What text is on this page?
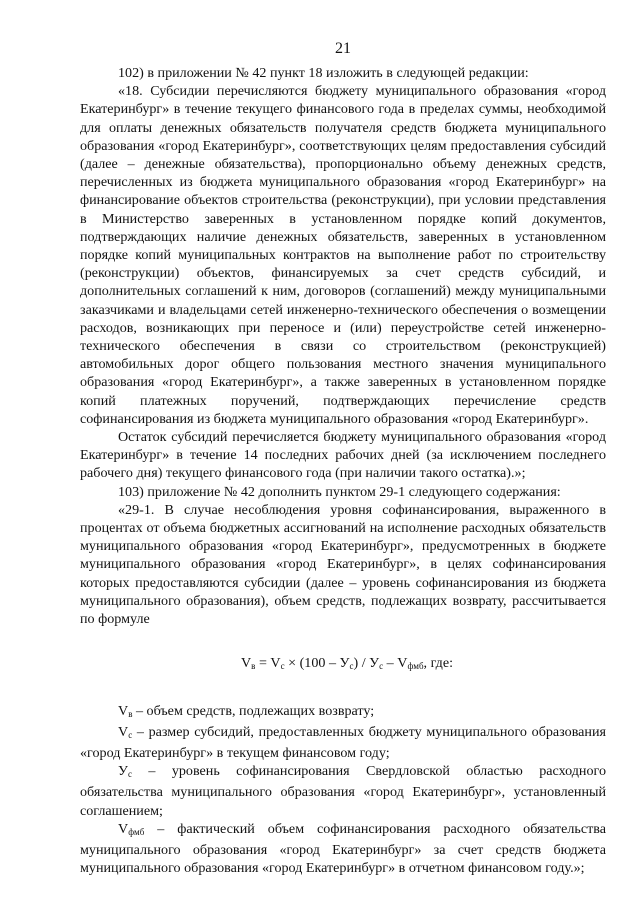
21

102) в приложении № 42 пункт 18 изложить в следующей редакции:

«18. Субсидии перечисляются бюджету муниципального образования «город Екатеринбург» в течение текущего финансового года в пределах суммы, необходимой для оплаты денежных обязательств получателя средств бюджета муниципального образования «город Екатеринбург», соответствующих целям предоставления субсидий (далее – денежные обязательства), пропорционально объему денежных средств, перечисленных из бюджета муниципального образования «город Екатеринбург» на финансирование объектов строительства (реконструкции), при условии представления в Министерство заверенных в установленном порядке копий документов, подтверждающих наличие денежных обязательств, заверенных в установленном порядке копий муниципальных контрактов на выполнение работ по строительству (реконструкции) объектов, финансируемых за счет средств субсидий, и дополнительных соглашений к ним, договоров (соглашений) между муниципальными заказчиками и владельцами сетей инженерно-технического обеспечения о возмещении расходов, возникающих при переносе и (или) переустройстве сетей инженерно-технического обеспечения в связи со строительством (реконструкцией) автомобильных дорог общего пользования местного значения муниципального образования «город Екатеринбург», а также заверенных в установленном порядке копий платежных поручений, подтверждающих перечисление средств софинансирования из бюджета муниципального образования «город Екатеринбург».

Остаток субсидий перечисляется бюджету муниципального образования «город Екатеринбург» в течение 14 последних рабочих дней (за исключением последнего рабочего дня) текущего финансового года (при наличии такого остатка).»;

103) приложение № 42 дополнить пунктом 29-1 следующего содержания:

«29-1. В случае несоблюдения уровня софинансирования, выраженного в процентах от объема бюджетных ассигнований на исполнение расходных обязательств муниципального образования «город Екатеринбург», предусмотренных в бюджете муниципального образования «город Екатеринбург», в целях софинансирования которых предоставляются субсидии (далее – уровень софинансирования из бюджета муниципального образования), объем средств, подлежащих возврату, рассчитывается по формуле

$V_в = V_с \times (100 - У_с) / У_с - V_{фмб}$, где:

$V_в$ – объем средств, подлежащих возврату;

$V_с$ – размер субсидий, предоставленных бюджету муниципального образования «город Екатеринбург» в текущем финансовом году;

$У_с$ – уровень софинансирования Свердловской областью расходного обязательства муниципального образования «город Екатеринбург», установленный соглашением;

$V_{фмб}$ – фактический объем софинансирования расходного обязательства муниципального образования «город Екатеринбург» за счет средств бюджета муниципального образования «город Екатеринбург» в отчетном финансовом году.»;
